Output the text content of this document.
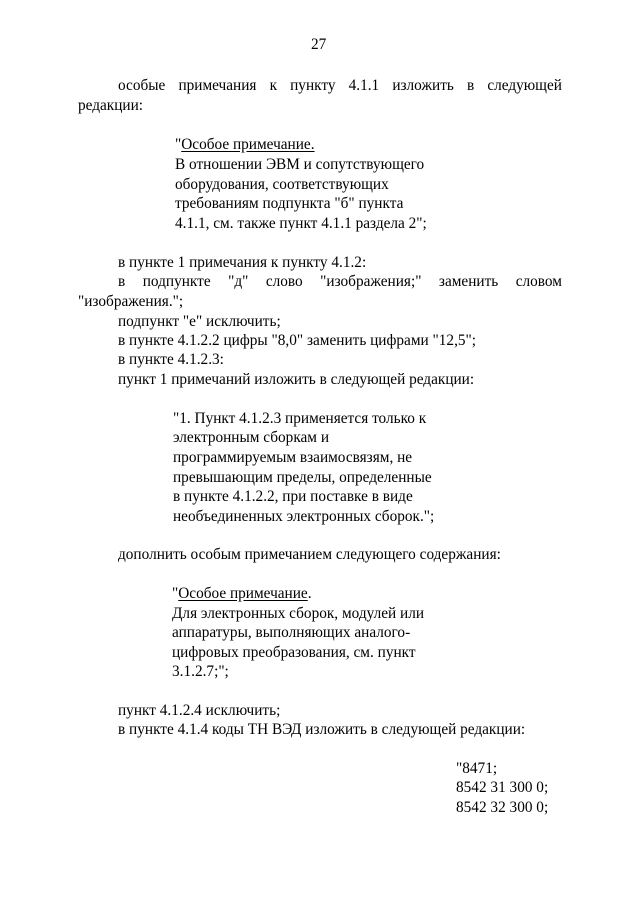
27
особые примечания к пункту 4.1.1 изложить в следующей
редакции:
"Особое примечание.
В отношении ЭВМ и сопутствующего
оборудования, соответствующих
требованиям подпункта "б" пункта
4.1.1, см. также пункт 4.1.1 раздела 2";
в пункте 1 примечания к пункту 4.1.2:
в подпункте "д" слово "изображения;" заменить словом
"изображения.";
подпункт "е" исключить;
в пункте 4.1.2.2 цифры "8,0" заменить цифрами "12,5";
в пункте 4.1.2.3:
пункт 1 примечаний изложить в следующей редакции:
"1. Пункт 4.1.2.3 применяется только к
электронным сборкам и
программируемым взаимосвязям, не
превышающим пределы, определенные
в пункте 4.1.2.2, при поставке в виде
необъединенных электронных сборок.";
дополнить особым примечанием следующего содержания:
"Особое примечание.
Для электронных сборок, модулей или
аппаратуры, выполняющих аналого-
цифровых преобразования, см. пункт
3.1.2.7;";
пункт 4.1.2.4 исключить;
в пункте 4.1.4 коды ТН ВЭД изложить в следующей редакции:
"8471;
8542 31 300 0;
8542 32 300 0;
